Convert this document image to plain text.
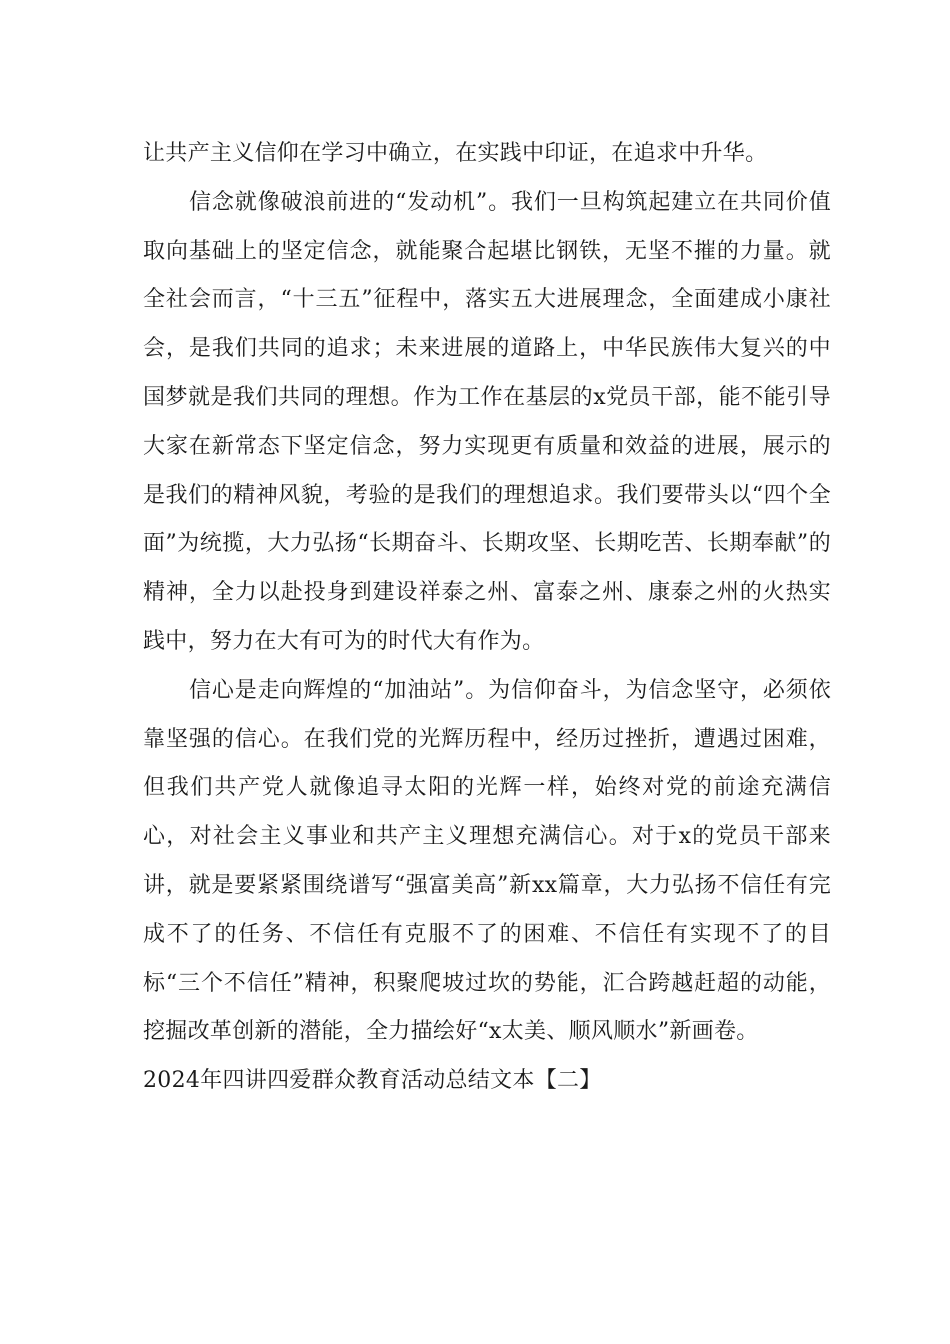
让共产主义信仰在学习中确立，在实践中印证，在追求中升华。

信念就像破浪前进的“发动机”。我们一旦构筑起建立在共同价值取向基础上的坚定信念，就能聚合起堪比钢铁，无坚不摧的力量。就全社会而言，“十三五”征程中，落实五大进展理念，全面建成小康社会，是我们共同的追求；未来进展的道路上，中华民族伟大复兴的中国梦就是我们共同的理想。作为工作在基层的x党员干部，能不能引导大家在新常态下坚定信念，努力实现更有质量和效益的进展，展示的是我们的精神风貌，考验的是我们的理想追求。我们要带头以“四个全面”为统揽，大力弘扬“长期奋斗、长期攻坚、长期吃苦、长期奉献”的精神，全力以赴投身到建设祥泰之州、富泰之州、康泰之州的火热实践中，努力在大有可为的时代大有作为。

信心是走向辉煌的“加油站”。为信仰奋斗，为信念坚守，必须依靠坚强的信心。在我们党的光辉历程中，经历过挫折，遭遇过困难，但我们共产党人就像追寻太阳的光辉一样，始终对党的前途充满信心，对社会主义事业和共产主义理想充满信心。对于x的党员干部来讲，就是要紧紧围绕谱写“强富美高”新xx篇章，大力弘扬不信任有完成不了的任务、不信任有克服不了的困难、不信任有实现不了的目标“三个不信任”精神，积聚爬坡过坎的势能，汇合跨越赶超的动能，挖掘改革创新的潜能，全力描绘好“x太美、顺风顺水”新画卷。

2024年四讲四爱群众教育活动总结文本【二】
